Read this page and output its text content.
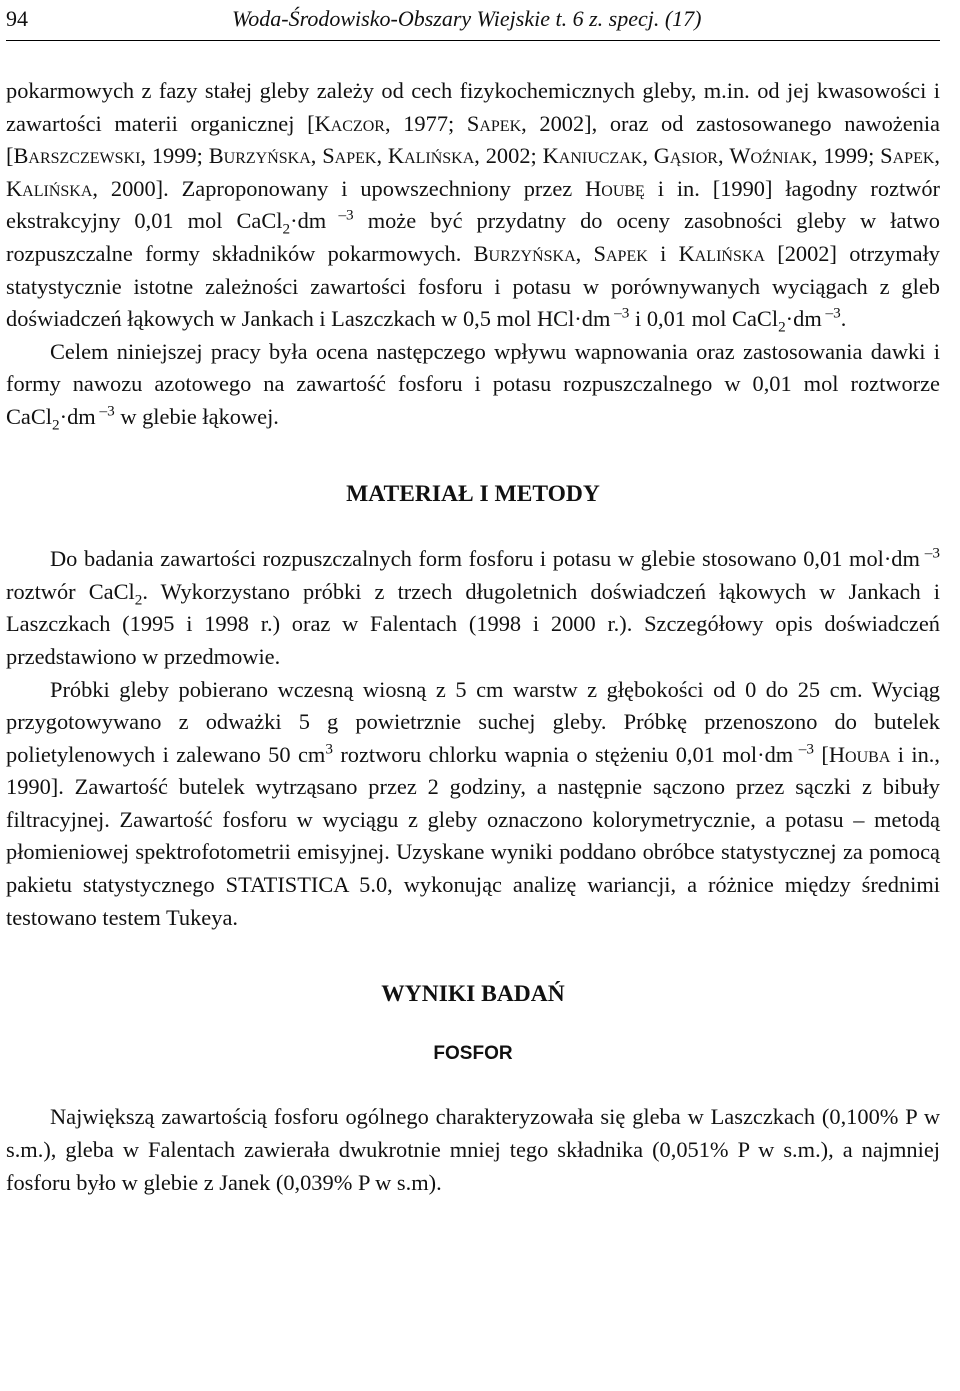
94	Woda-Środowisko-Obszary Wiejskie t. 6 z. specj. (17)

pokarmowych z fazy stałej gleby zależy od cech fizykochemicznych gleby, m.in. od jej kwasowości i zawartości materii organicznej [Kaczor, 1977; Sapek, 2002], oraz od zastosowanego nawożenia [Barszczewski, 1999; Burzyńska, Sapek, Kalińska, 2002; Kaniuczak, Gąsior, Woźniak, 1999; Sapek, Kalińska, 2000]. Zaproponowany i upowszechniony przez Houbę i in. [1990] łagodny roztwór ekstrakcyjny 0,01 mol CaCl$_2$·dm $^{-3}$ może być przydatny do oceny zasobności gleby w łatwo rozpuszczalne formy składników pokarmowych. Burzyńska, Sapek i Kalińska [2002] otrzymały statystycznie istotne zależności zawartości fosforu i potasu w porównywanych wyciągach z gleb doświadczeń łąkowych w Jankach i Laszczkach w 0,5 mol HCl·dm $^{-3}$ i 0,01 mol CaCl$_2$·dm $^{-3}$.

Celem niniejszej pracy była ocena następczego wpływu wapnowania oraz zastosowania dawki i formy nawozu azotowego na zawartość fosforu i potasu rozpuszczalnego w 0,01 mol roztworze CaCl$_2$·dm $^{-3}$ w glebie łąkowej.

MATERIAŁ I METODY

Do badania zawartości rozpuszczalnych form fosforu i potasu w glebie stosowano 0,01 mol·dm $^{-3}$ roztwór CaCl$_2$. Wykorzystano próbki z trzech długoletnich doświadczeń łąkowych w Jankach i Laszczkach (1995 i 1998 r.) oraz w Falentach (1998 i 2000 r.). Szczegółowy opis doświadczeń przedstawiono w przedmowie.

Próbki gleby pobierano wczesną wiosną z 5 cm warstw z głębokości od 0 do 25 cm. Wyciąg przygotowywano z odważki 5 g powietrznie suchej gleby. Próbkę przenoszono do butelek polietylenowych i zalewano 50 $cm^3$ roztworu chlorku wapnia o stężeniu 0,01 mol·dm $^{-3}$ [Houba i in., 1990]. Zawartość butelek wytrząsano przez 2 godziny, a następnie sączono przez sączki z bibuły filtracyjnej. Zawartość fosforu w wyciągu z gleby oznaczono kolorymetrycznie, a potasu – metodą płomieniowej spektrofotometrii emisyjnej. Uzyskane wyniki poddano obróbce statystycznej za pomocą pakietu statystycznego STATISTICA 5.0, wykonując analizę wariancji, a różnice między średnimi testowano testem Tukeya.

WYNIKI BADAŃ
FOSFOR

Największą zawartością fosforu ogólnego charakteryzowała się gleba w Laszczkach (0,100% P w s.m.), gleba w Falentach zawierała dwukrotnie mniej tego składnika (0,051% P w s.m.), a najmniej fosforu było w glebie z Janek (0,039% P w s.m).
